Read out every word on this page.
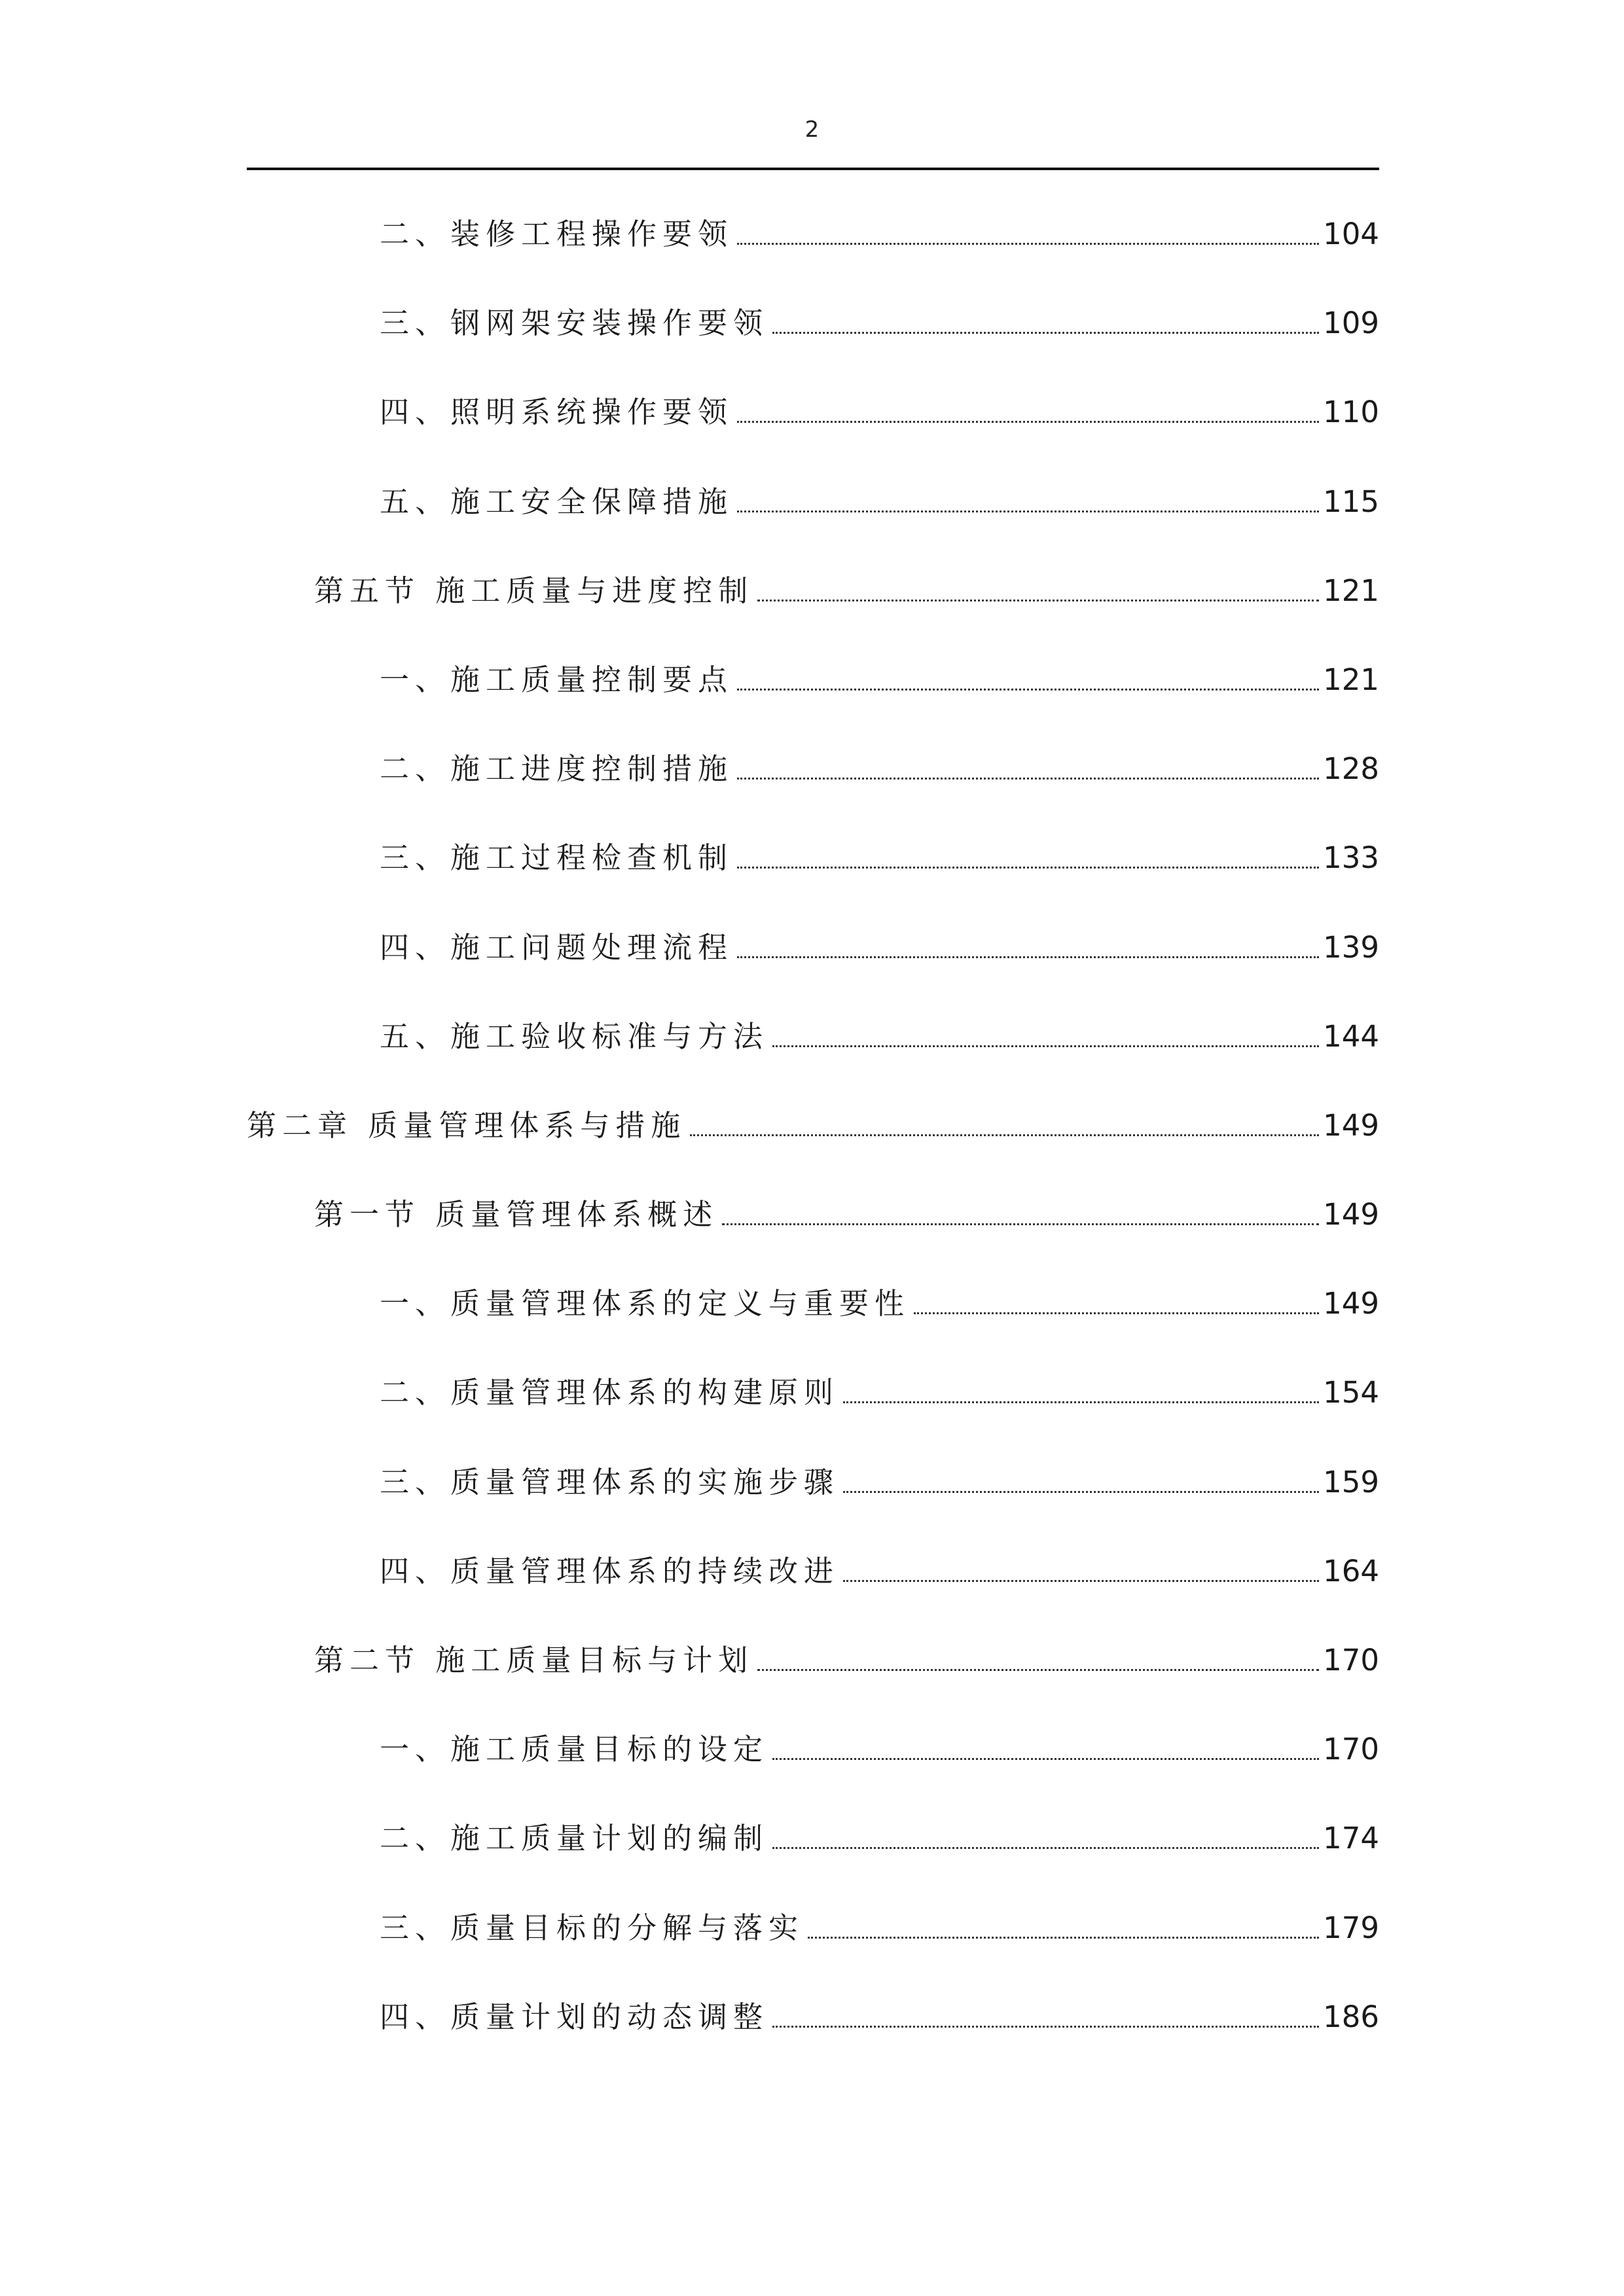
2
二、装修工程操作要领	104
三、钢网架安装操作要领	109
四、照明系统操作要领	110
五、施工安全保障措施	115
第五节 施工质量与进度控制	121
一、施工质量控制要点	121
二、施工进度控制措施	128
三、施工过程检查机制	133
四、施工问题处理流程	139
五、施工验收标准与方法	144
第二章 质量管理体系与措施	149
第一节 质量管理体系概述	149
一、质量管理体系的定义与重要性	149
二、质量管理体系的构建原则	154
三、质量管理体系的实施步骤	159
四、质量管理体系的持续改进	164
第二节 施工质量目标与计划	170
一、施工质量目标的设定	170
二、施工质量计划的编制	174
三、质量目标的分解与落实	179
四、质量计划的动态调整	186
